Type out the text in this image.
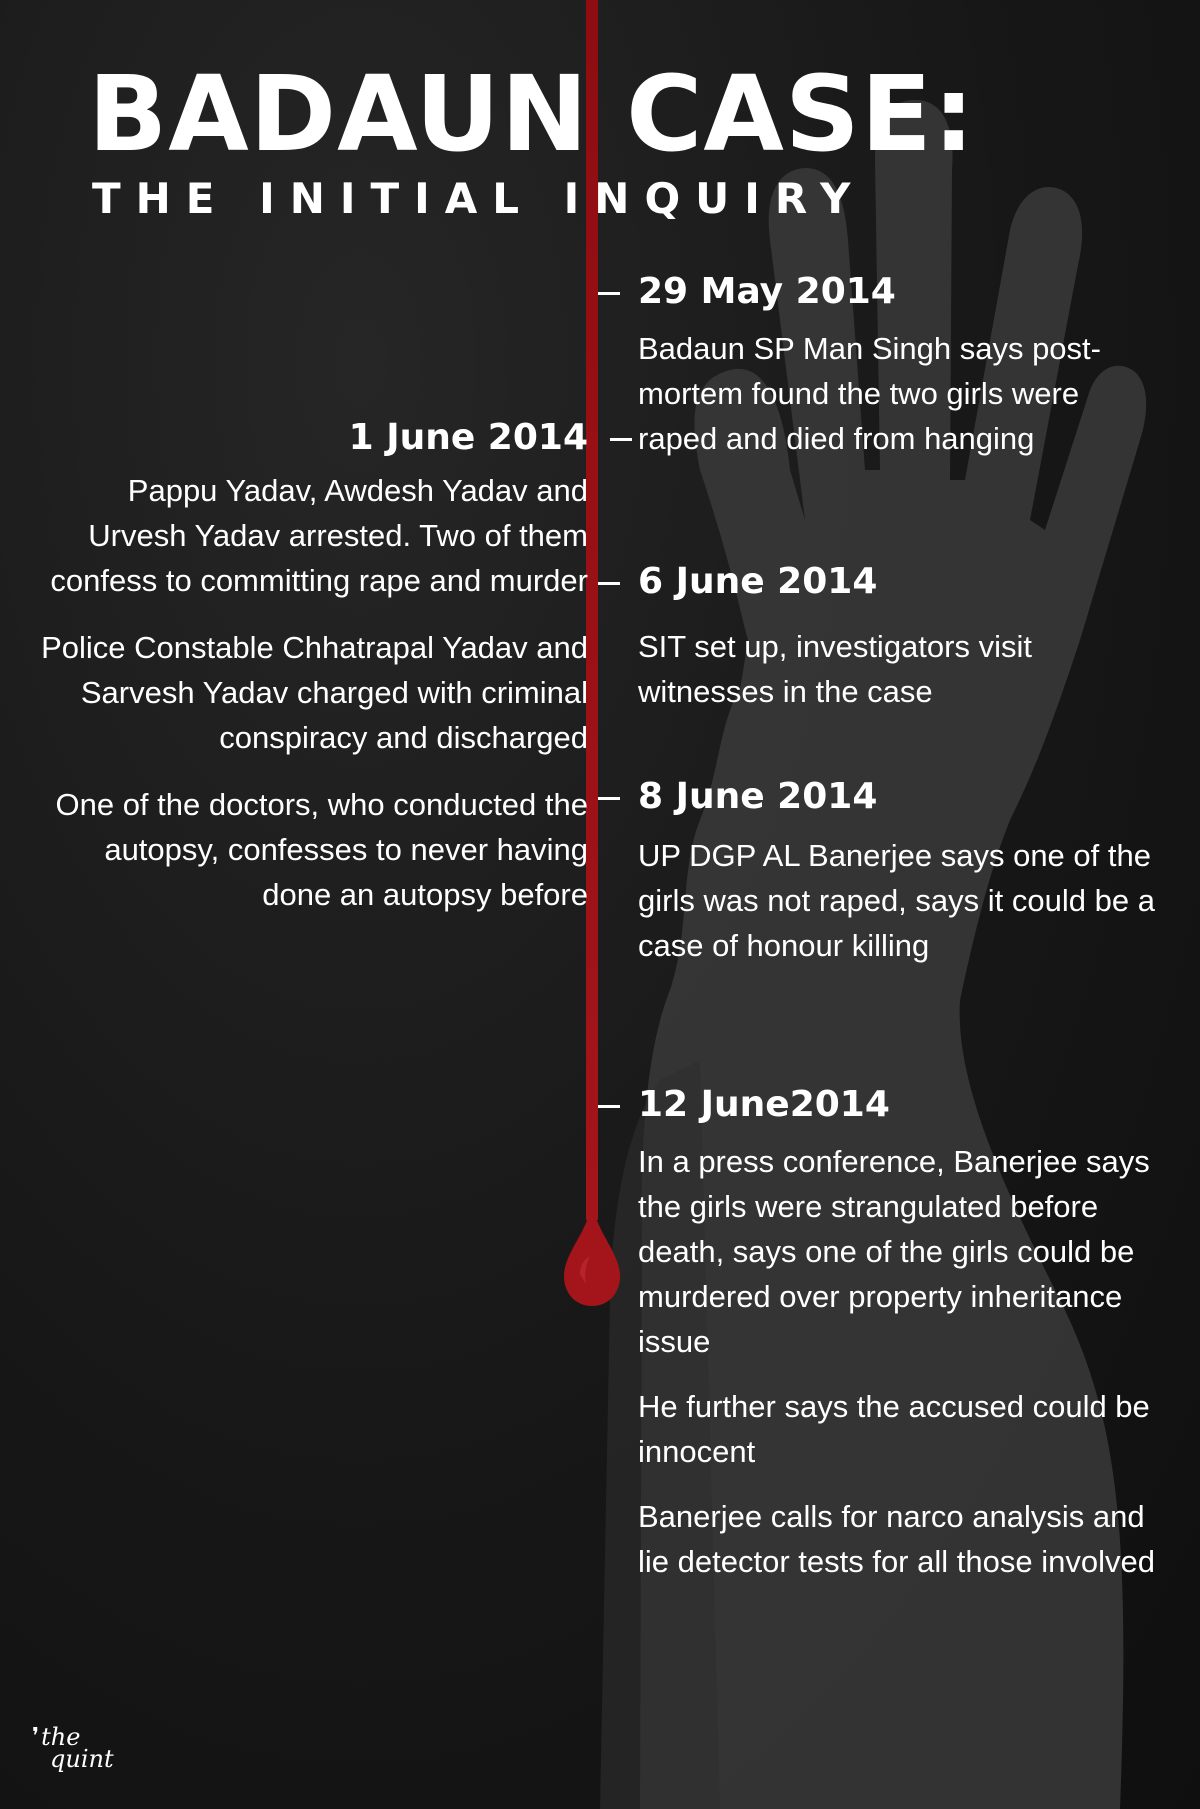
BADAUN CASE:
THE INITIAL INQUIRY
29 May 2014

Badaun SP Man Singh says post-mortem found the two girls were raped and died from hanging

6 June 2014

SIT set up, investigators visit witnesses in the case

8 June 2014

UP DGP AL Banerjee says one of the girls was not raped, says it could be a case of honour killing

12 June2014

In a press conference, Banerjee says the girls were strangulated before death, says one of the girls could be murdered over property inheritance issue

He further says the accused could be innocent

Banerjee calls for narco analysis and lie detector tests for all those involved

1 June 2014

Pappu Yadav, Awdesh Yadav and Urvesh Yadav arrested. Two of them confess to committing rape and murder

Police Constable Chhatrapal Yadav and Sarvesh Yadav charged with criminal conspiracy and discharged

One of the doctors, who conducted the autopsy, confesses to never having done an autopsy before

❜the
quint
